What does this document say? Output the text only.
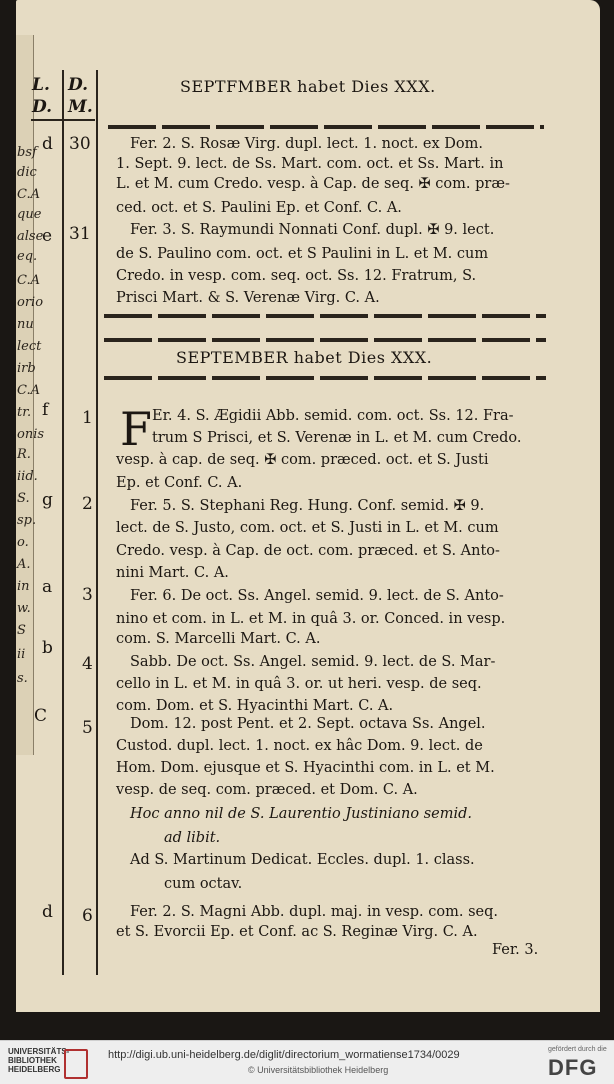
bsf
dic
C.A
que
alse
eq.
C.A
orio
nu
lect
irb
C.A
tr.
onis
R.
iid.
S.
sp.
o.
A.
in
w.
S
ii
s.
L. D.
D. M.
SEPTFMBER habet Dies XXX.
d 30
e 31
f 1
g 2
a 3
b
4
C
5
d 6
SEPTEMBER habet Dies XXX.
F
Fer. 2. S. Rosæ Virg. dupl. lect. 1. noct. ex Dom.
1. Sept. 9. lect. de Ss. Mart. com. oct. et Ss. Mart. in
L. et M. cum Credo. vesp. à Cap. de seq. ✠ com. præ-
ced. oct. et S. Paulini Ep. et Conf. C. A.
Fer. 3. S. Raymundi Nonnati Conf. dupl. ✠ 9. lect.
de S. Paulino com. oct. et S Paulini in L. et M. cum
Credo. in vesp. com. seq. oct. Ss. 12. Fratrum, S.
Prisci Mart. & S. Verenæ Virg. C. A.
Er. 4. S. Ægidii Abb. semid. com. oct. Ss. 12. Fra-
trum S Prisci, et S. Verenæ in L. et M. cum Credo.
vesp. à cap. de seq. ✠ com. præced. oct. et S. Justi
Ep. et Conf. C. A.
Fer. 5. S. Stephani Reg. Hung. Conf. semid. ✠ 9.
lect. de S. Justo, com. oct. et S. Justi in L. et M. cum
Credo. vesp. à Cap. de oct. com. præced. et S. Anto-
nini Mart. C. A.
Fer. 6. De oct. Ss. Angel. semid. 9. lect. de S. Anto-
nino et com. in L. et M. in quâ 3. or. Conced. in vesp.
com. S. Marcelli Mart. C. A.
Sabb. De oct. Ss. Angel. semid. 9. lect. de S. Mar-
cello in L. et M. in quâ 3. or. ut heri. vesp. de seq.
com. Dom. et S. Hyacinthi Mart. C. A.
Dom. 12. post Pent. et 2. Sept. octava Ss. Angel.
Custod. dupl. lect. 1. noct. ex hâc Dom. 9. lect. de
Hom. Dom. ejusque et S. Hyacinthi com. in L. et M.
vesp. de seq. com. præced. et Dom. C. A.
Hoc anno nil de S. Laurentio Justiniano semid.
ad libit.
Ad S. Martinum Dedicat. Eccles. dupl. 1. class.
cum octav.
Fer. 2. S. Magni Abb. dupl. maj. in vesp. com. seq.
et S. Evorcii Ep. et Conf. ac S. Reginæ Virg. C. A.
Fer. 3.
UNIVERSITÄTS-
BIBLIOTHEK
HEIDELBERG
http://digi.ub.uni-heidelberg.de/diglit/directorium_wormatiense1734/0029
© Universitätsbibliothek Heidelberg
gefördert durch die
DFG
